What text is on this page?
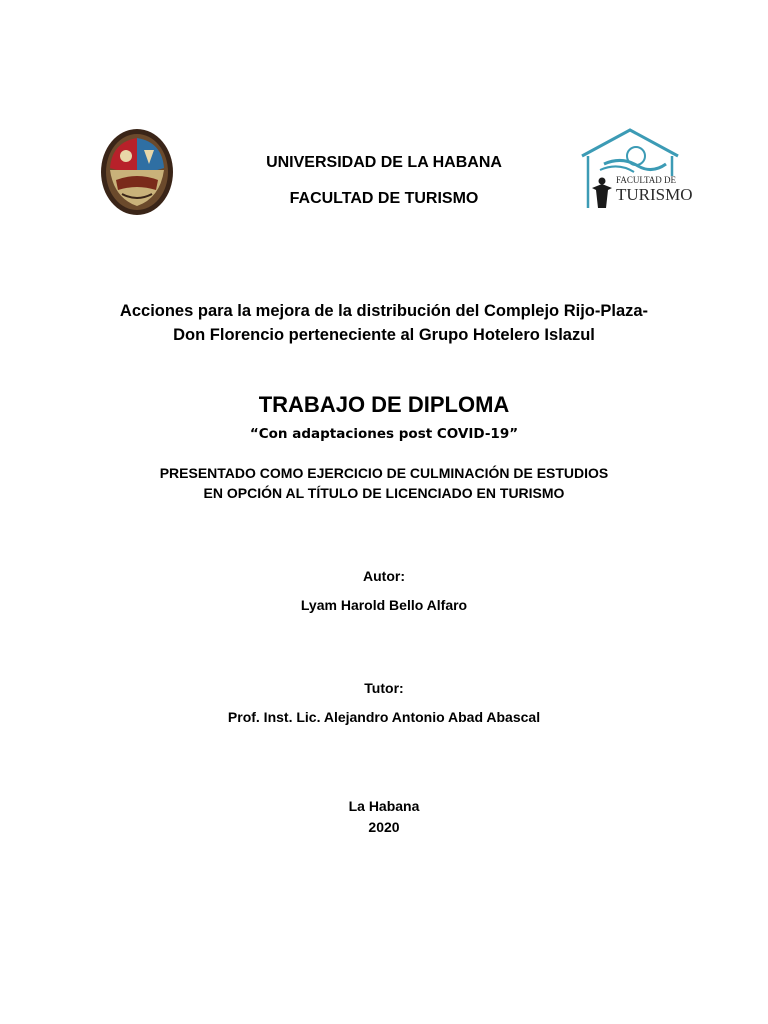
FACULTAD DE
TURISMO
UNIVERSIDAD DE LA HABANA
FACULTAD DE TURISMO
Acciones para la mejora de la distribución del Complejo Rijo-Plaza-
Don Florencio perteneciente al Grupo Hotelero Islazul
TRABAJO DE DIPLOMA
“Con adaptaciones post COVID-19”
PRESENTADO COMO EJERCICIO DE CULMINACIÓN DE ESTUDIOS
EN OPCIÓN AL TÍTULO DE LICENCIADO EN TURISMO
Autor:
Lyam Harold Bello Alfaro
Tutor:
Prof. Inst. Lic. Alejandro Antonio Abad Abascal
La Habana
2020
